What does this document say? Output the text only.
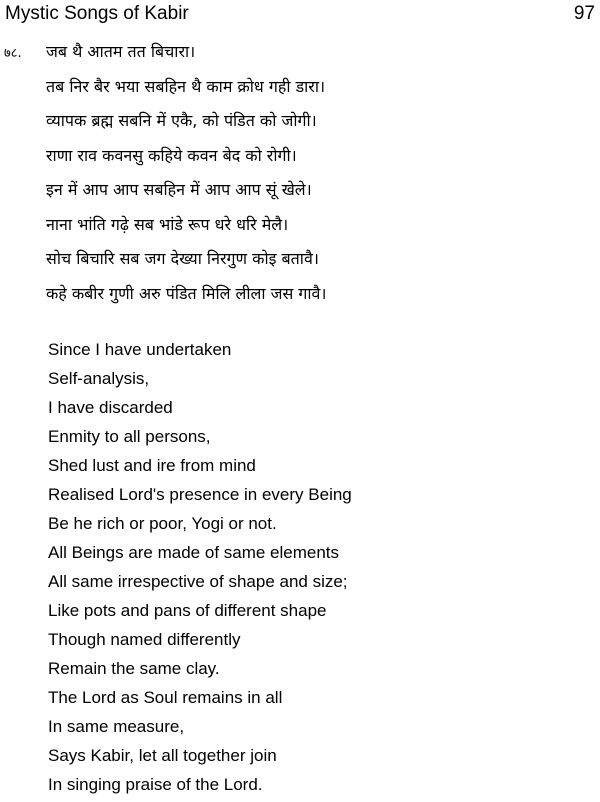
Mystic Songs of Kabir	97
७८. जब थै आतम तत बिचारा।
तब निर बैर भया सबहिन थै काम क्रोध गही डारा।
व्यापक ब्रह्म सबनि में एकै, को पंडित को जोगी।
राणा राव कवनसु कहिये कवन बेद को रोगी।
इन में आप आप सबहिन में आप आप सूं खेले।
नाना भांति गढ़े सब भांडे रूप धरे धरि मेलै।
सोच बिचारि सब जग देख्या निरगुण कोइ बतावै।
कहे कबीर गुणी अरु पंडित मिलि लीला जस गावै।
Since I have undertaken
Self-analysis,
I have discarded
Enmity to all persons,
Shed lust and ire from mind
Realised Lord's presence in every Being
Be he rich or poor, Yogi or not.
All Beings are made of same elements
All same irrespective of shape and size;
Like pots and pans of different shape
Though named differently
Remain the same clay.
The Lord as Soul remains in all
In same measure,
Says Kabir, let all together join
In singing praise of the Lord.
